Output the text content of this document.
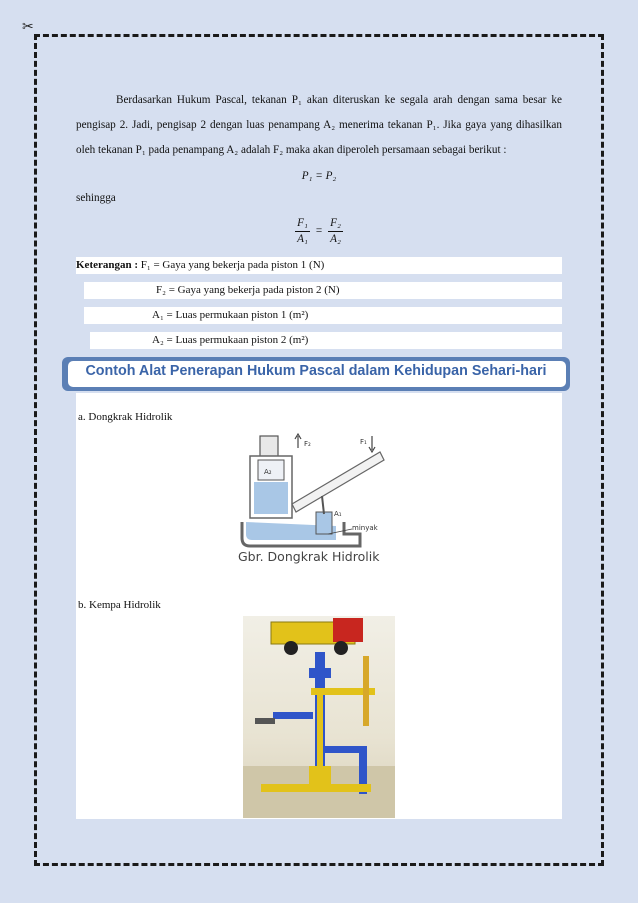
✂

Berdasarkan Hukum Pascal, tekanan P₁ akan diteruskan ke segala arah dengan sama besar ke pengisap 2. Jadi, pengisap 2 dengan luas penampang A₂ menerima tekanan P₁. Jika gaya yang dihasilkan oleh tekanan P₁ pada penampang A₂ adalah F₂ maka akan diperoleh persamaan sebagai berikut :

P₁ = P₂

sehingga

$\frac{\text{F₁}}{\text{A₁}} = \frac{\text{F₂}}{\text{A₂}}$
Keterangan : F₁ = Gaya yang bekerja pada piston 1 (N)
F₂ = Gaya yang bekerja pada piston 2 (N)
A₁ = Luas permukaan piston 1 (m²)
A₂ = Luas permukaan piston 2 (m²)
Contoh Alat Penerapan Hukum Pascal dalam Kehidupan Sehari-hari
a. Dongkrak Hidrolik
F₂	F₁
A₂
A₁
minyak
Gbr. Dongkrak Hidrolik
b. Kempa Hidrolik
